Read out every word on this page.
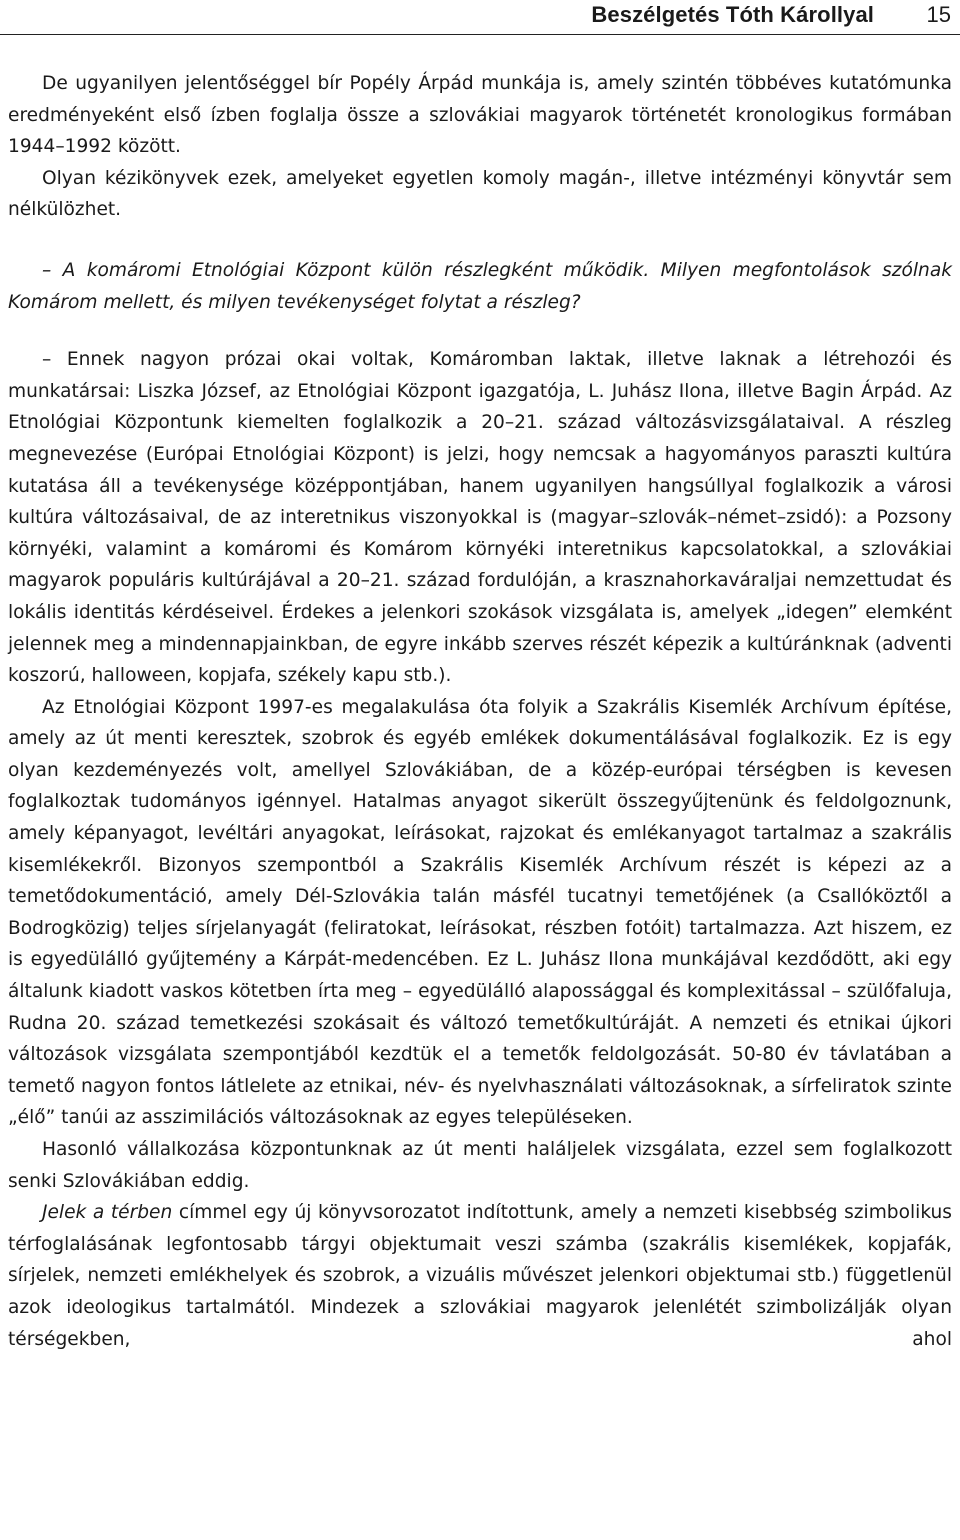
Beszélgetés Tóth Károllyal 15

De ugyanilyen jelentőséggel bír Popély Árpád munkája is, amely szintén többéves kutatómunka eredményeként első ízben foglalja össze a szlovákiai magyarok történetét kronologikus formában 1944–1992 között.

Olyan kézikönyvek ezek, amelyeket egyetlen komoly magán-, illetve intézményi könyvtár sem nélkülözhet.

– A komáromi Etnológiai Központ külön részlegként működik. Milyen megfontolások szólnak Komárom mellett, és milyen tevékenységet folytat a részleg?

– Ennek nagyon prózai okai voltak, Komáromban laktak, illetve laknak a létrehozói és munkatársai: Liszka József, az Etnológiai Központ igazgatója, L. Juhász Ilona, illetve Bagin Árpád. Az Etnológiai Központunk kiemelten foglalkozik a 20–21. század változásvizsgálataival. A részleg megnevezése (Európai Etnológiai Központ) is jelzi, hogy nemcsak a hagyományos paraszti kultúra kutatása áll a tevékenysége középpontjában, hanem ugyanilyen hangsúllyal foglalkozik a városi kultúra változásaival, de az interetnikus viszonyokkal is (magyar–szlovák–német–zsidó): a Pozsony környéki, valamint a komáromi és Komárom környéki interetnikus kapcsolatokkal, a szlovákiai magyarok populáris kultúrájával a 20–21. század fordulóján, a krasznahorkaváraljai nemzettudat és lokális identitás kérdéseivel. Érdekes a jelenkori szokások vizsgálata is, amelyek „idegen” elemként jelennek meg a mindennapjainkban, de egyre inkább szerves részét képezik a kultúránknak (adventi koszorú, halloween, kopjafa, székely kapu stb.).

Az Etnológiai Központ 1997-es megalakulása óta folyik a Szakrális Kisemlék Archívum építése, amely az út menti keresztek, szobrok és egyéb emlékek dokumentálásával foglalkozik. Ez is egy olyan kezdeményezés volt, amellyel Szlovákiában, de a közép-európai térségben is kevesen foglalkoztak tudományos igénnyel. Hatalmas anyagot sikerült összegyűjtenünk és feldolgoznunk, amely képanyagot, levéltári anyagokat, leírásokat, rajzokat és emlékanyagot tartalmaz a szakrális kisemlékekről. Bizonyos szempontból a Szakrális Kisemlék Archívum részét is képezi az a temetődokumentáció, amely Dél-Szlovákia talán másfél tucatnyi temetőjének (a Csallóköztől a Bodrogközig) teljes sírjelanyagát (feliratokat, leírásokat, részben fotóit) tartalmazza. Azt hiszem, ez is egyedülálló gyűjtemény a Kárpát-medencében. Ez L. Juhász Ilona munkájával kezdődött, aki egy általunk kiadott vaskos kötetben írta meg – egyedülálló alapossággal és komplexitással – szülőfaluja, Rudna 20. század temetkezési szokásait és változó temetőkultúráját. A nemzeti és etnikai újkori változások vizsgálata szempontjából kezdtük el a temetők feldolgozását. 50-80 év távlatában a temető nagyon fontos látlelete az etnikai, név- és nyelvhasználati változásoknak, a sírfeliratok szinte „élő” tanúi az asszimilációs változásoknak az egyes településeken.

Hasonló vállalkozása központunknak az út menti haláljelek vizsgálata, ezzel sem foglalkozott senki Szlovákiában eddig.

Jelek a térben címmel egy új könyvsorozatot indítottunk, amely a nemzeti kisebbség szimbolikus térfoglalásának legfontosabb tárgyi objektumait veszi számba (szakrális kisemlékek, kopjafák, sírjelek, nemzeti emlékhelyek és szobrok, a vizuális művészet jelenkori objektumai stb.) függetlenül azok ideologikus tartalmától. Mindezek a szlovákiai magyarok jelenlétét szimbolizálják olyan térségekben, ahol
